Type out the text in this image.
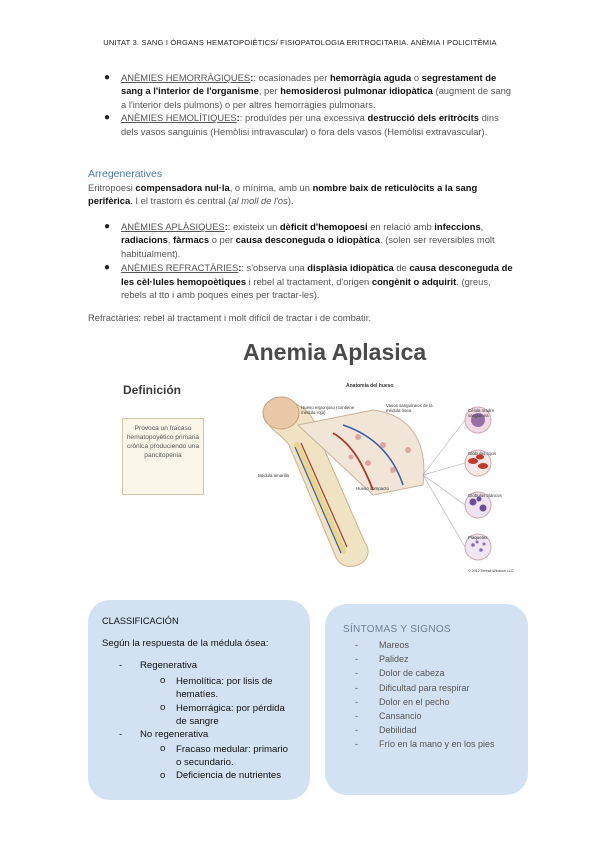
UNITAT 3. SANG I ÒRGANS HEMATOPOIÈTICS/ FISIOPATOLOGIA ERITROCITARIA. ANÈMIA I POLICITÈMIA
● ANÈMIES HEMORRÀGIQUES:: ocasionades per hemorràgia aguda o segrestament de sang a l'interior de l'organisme, per hemosiderosi pulmonar idiopàtica (augment de sang a l'interior dels pulmons) o per altres hemorràgies pulmonars.
● ANÈMIES HEMOLÍTIQUES:: produïdes per una excessiva destrucció dels eritròcits dins dels vasos sanguinis (Hemòlisi intravascular) o fora dels vasos (Hemòlisi extravascular).
Arregeneratives
Eritropoesi compensadora nul·la, o mínima, amb un nombre baix de reticulòcits a la sang perifèrica. I el trastorn és central (al moll de l'os).
● ANÈMIES APLÀSIQUES:: existeix un dèficit d'hemopoesi en relació amb infeccions, radiacions, fàrmacs o per causa desconeguda o idiopàtica. (solen ser reversibles molt habitualment).
● ANÈMIES REFRACTÀRIES:: s'observa una displàsia idiopàtica de causa desconeguda de les cèl·lules hemopoètiques i rebel al tractament, d'origen congènit o adquirit. (greus, rebels al tto i amb poques eines per tractar-les).
Refractàries: rebel al tractament i molt difícil de tractar i de combatir.
Anemia Aplasica
Definición
Provoca un fracaso hematopoyético primaria crónica produciendo una pancitopenia
Anatomía del hueso
Hueso esponjoso (contiene médula roja)
Vasos sanguíneos de la médula ósea	Célula madre sanguínea
Glóbulos rojos
Glóbulos blancos
Plaquetas
Médula amarilla
Hueso compacto
© 2012 Terese Winslow LLC
CLASSIFICACIÓN
Según la respuesta de la médula ósea:
- Regenerativa
o Hemolítica: por lisis de hematíes.
o Hemorrágica: por pérdida de sangre
- No regenerativa
o Fracaso medular: primario o secundario.
o Deficiencia de nutrientes
SÍNTOMAS Y SIGNOS
- Mareos
- Palidez
- Dolor de cabeza
- Dificultad para respirar
- Dolor en el pecho
- Cansancio
- Debilidad
- Frío en la mano y en los pies
